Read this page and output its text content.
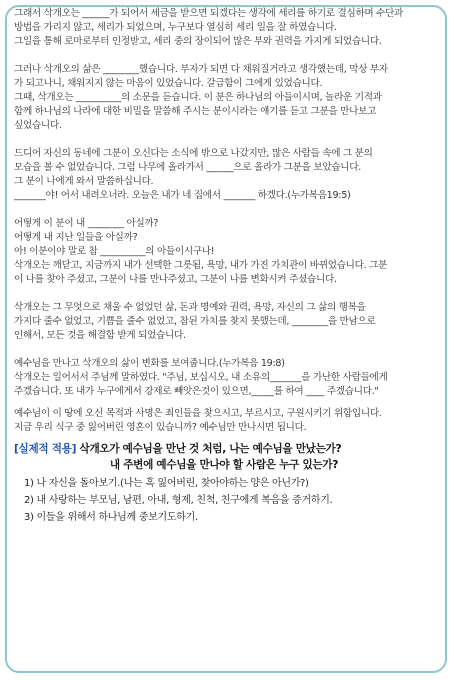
그래서 삭개오는 ______가 되어서 세금을 받으면 되겠다는 생각에 세리를 하기로 결심하며 수단과

방법을 가리지 않고, 세리가 되었으며, 누구보다 열심히 세리 일을 잘 하였습니다.

그일을 통해 로마로부터 인정받고, 세리 중의 장이되어 많은 부와 권력을 가지게 되었습니다.

그러나 삭개오의 삶은 ________했습니다. 부자가 되면 다 채워질거라고 생각했는데, 막상 부자

가 되고나니, 채워지지 않는 마음이 있었습니다. 갈급함이 그에게 있었습니다.

그때, 삭개오는 __________의 소문을 듣습니다. 이 분은 하나님의 아들이시며, 놀라운 기적과

함께 하나님의 나라에 대한 비밀을 말씀해 주시는 분이시라는 얘기를 듣고 그분을 만나보고

싶었습니다.

드디어 자신의 동네에 그분이 오신다는 소식에 밖으로 나갔지만, 많은 사람들 속에 그 분의

모습을 볼 수 없었습니다. 그럼 나무에 올라가서 ______으로 올라가 그분을 보았습니다.

그 분이 나에게 와서 말씀하십니다.

_______야! 어서 내려오너라. 오늘은 내가 네 집에서 _______ 하겠다.(누가복음19:5)

어떻게 이 분이 내 ________ 아실까?

어떻게 내 지난 일들을 아실까?

아! 이분이야 말로 참 __________의 아들이시구나!

삭개오는 깨닫고, 지금까지 내가 선택한 그릇됨, 욕망, 내가 가진 가치관이 바뀌었습니다. 그분

이 나를 찾아 주셨고, 그분이 나를 만나주셨고, 그분이 나를 변화시켜 주셨습니다.

삭개오는 그 무엇으로 채울 수 없었던 삶, 돈과 명예와 권력, 욕망, 자신의 그 삶의 행복을

가지다 줄수 없었고, 기쁨을 줄수 없었고, 참된 가치를 찾지 못했는데, ________을 만남으로

인해서, 모든 것을 해결함 받게 되었습니다.

예수님을 만나고 삭개오의 삶이 변화를 보여줍니다.(누가복음 19:8)

삭개오는 일어서서 주님께 말하였다. "주님, 보십시오, 내 소유의_______을 가난한 사람들에게

주겠습니다. 또 내가 누구에게서 강제로 빼앗은것이 있으면,_____를 하여 ____ 주겠습니다."

예수님이 이 땅에 오신 목적과 사명은 죄인들을 찾으시고, 부르시고, 구원시키기 위함입니다.

지금 우리 식구 중 잃어버린 영혼이 있습니까? 예수님만 만나시면 됩니다.

[실제적 적용] 삭개오가 예수님을 만난 것 처럼, 나는 예수님을 만났는가?
내 주변에 예수님을 만나야 할 사람은 누구 있는가?
1) 나 자신을 돌아보기.(나는 혹 잃어버린, 찾아야하는 양은 아닌가?)
2) 내 사랑하는 부모님, 남편, 아내, 형제, 친척, 친구에게 복음을 증거하기.
3) 이들을 위해서 하나님께 중보기도하기.
